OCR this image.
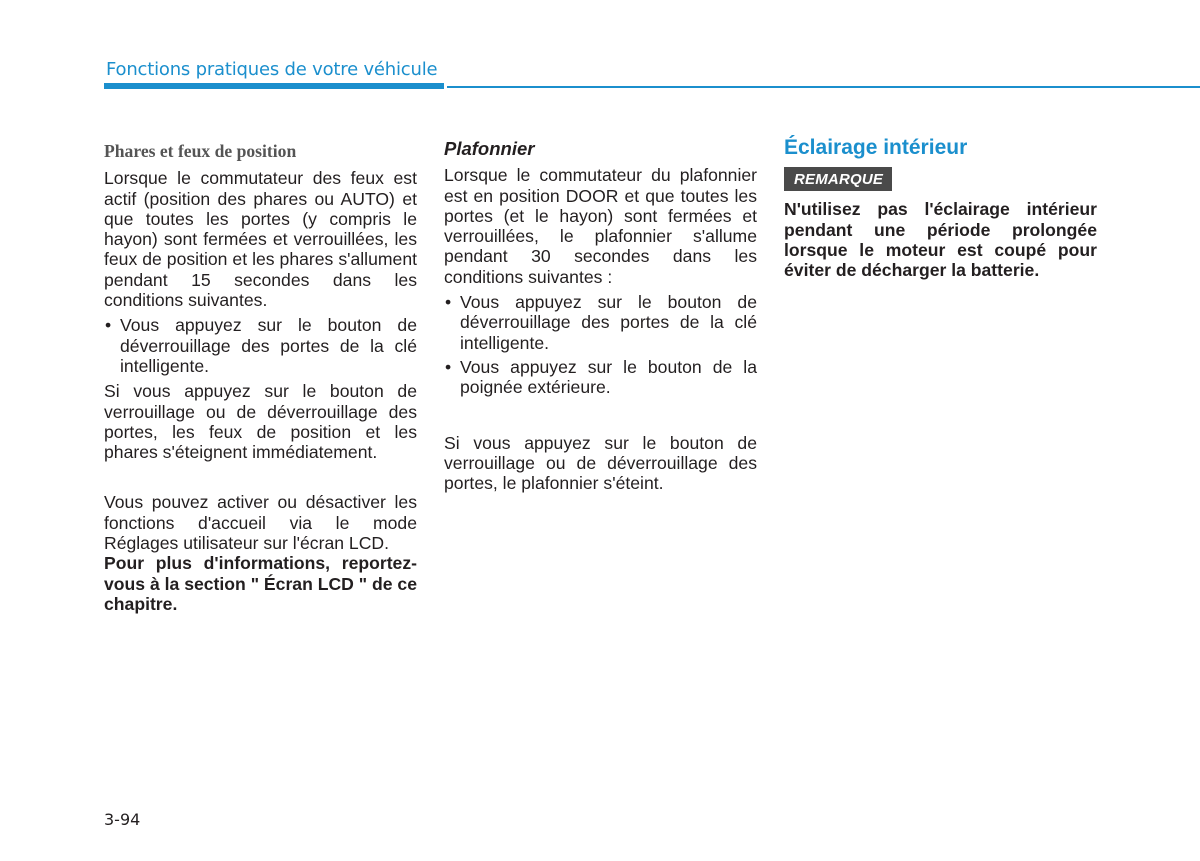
Fonctions pratiques de votre véhicule

Phares et feux de position

Lorsque le commutateur des feux est actif (position des phares ou AUTO) et que toutes les portes (y compris le hayon) sont fermées et verrouillées, les feux de position et les phares s'allument pendant 15 secondes dans les conditions suivantes.

• Vous appuyez sur le bouton de déverrouillage des portes de la clé intelligente.

Si vous appuyez sur le bouton de verrouillage ou de déverrouillage des portes, les feux de position et les phares s'éteignent immédiatement.

Vous pouvez activer ou désactiver les fonctions d'accueil via le mode Réglages utilisateur sur l'écran LCD.

Pour plus d'informations, reportez-vous à la section " Écran LCD " de ce chapitre.

Plafonnier

Lorsque le commutateur du plafonnier est en position DOOR et que toutes les portes (et le hayon) sont fermées et verrouillées, le plafonnier s'allume pendant 30 secondes dans les conditions suivantes :

• Vous appuyez sur le bouton de déverrouillage des portes de la clé intelligente.
• Vous appuyez sur le bouton de la poignée extérieure.

Si vous appuyez sur le bouton de verrouillage ou de déverrouillage des portes, le plafonnier s'éteint.

Éclairage intérieur

REMARQUE

N'utilisez pas l'éclairage intérieur pendant une période prolongée lorsque le moteur est coupé pour éviter de décharger la batterie.

3-94
